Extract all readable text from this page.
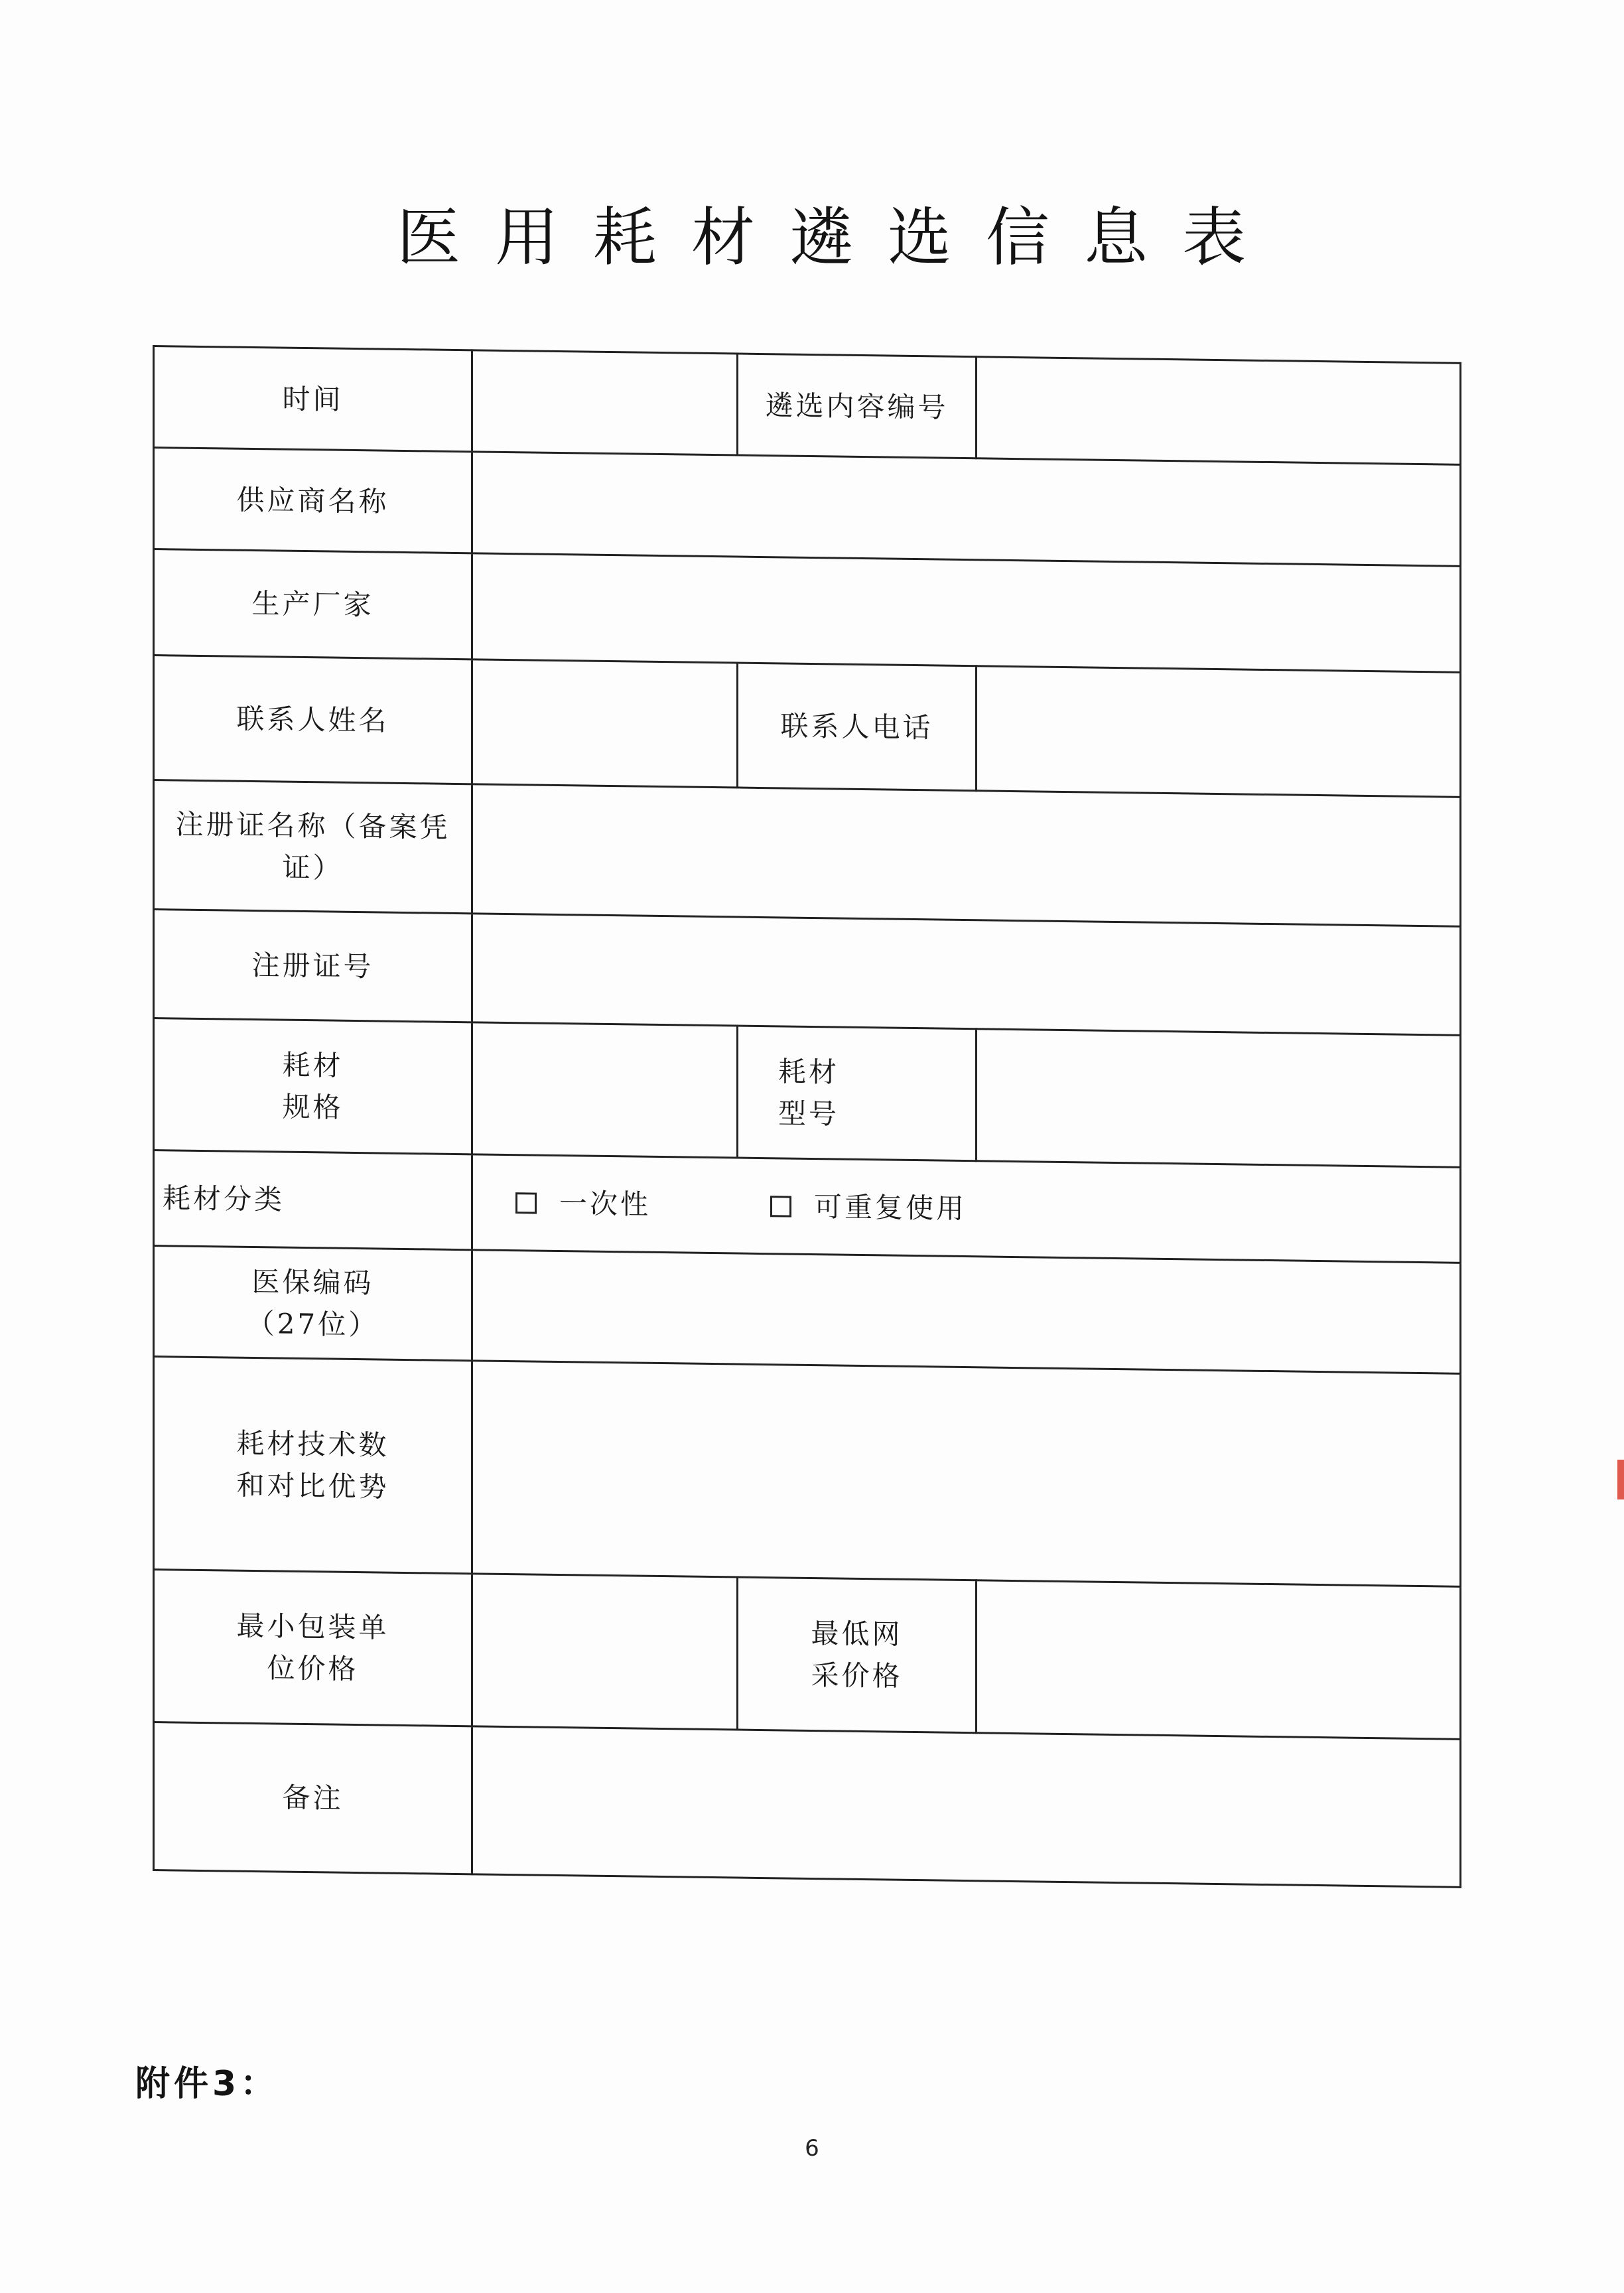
医用耗材遴选信息表
时间		遴选内容编号	
供应商名称			
生产厂家			
联系人姓名		联系人电话	
注册证名称（备案凭证）			
注册证号			
耗材规格		耗材型号	
耗材分类	一次性 可重复使用		

医保编码（27位）			
耗材技术数和对比优势			
最小包装单位价格		最低网采价格	
备注			
附件3：
6
